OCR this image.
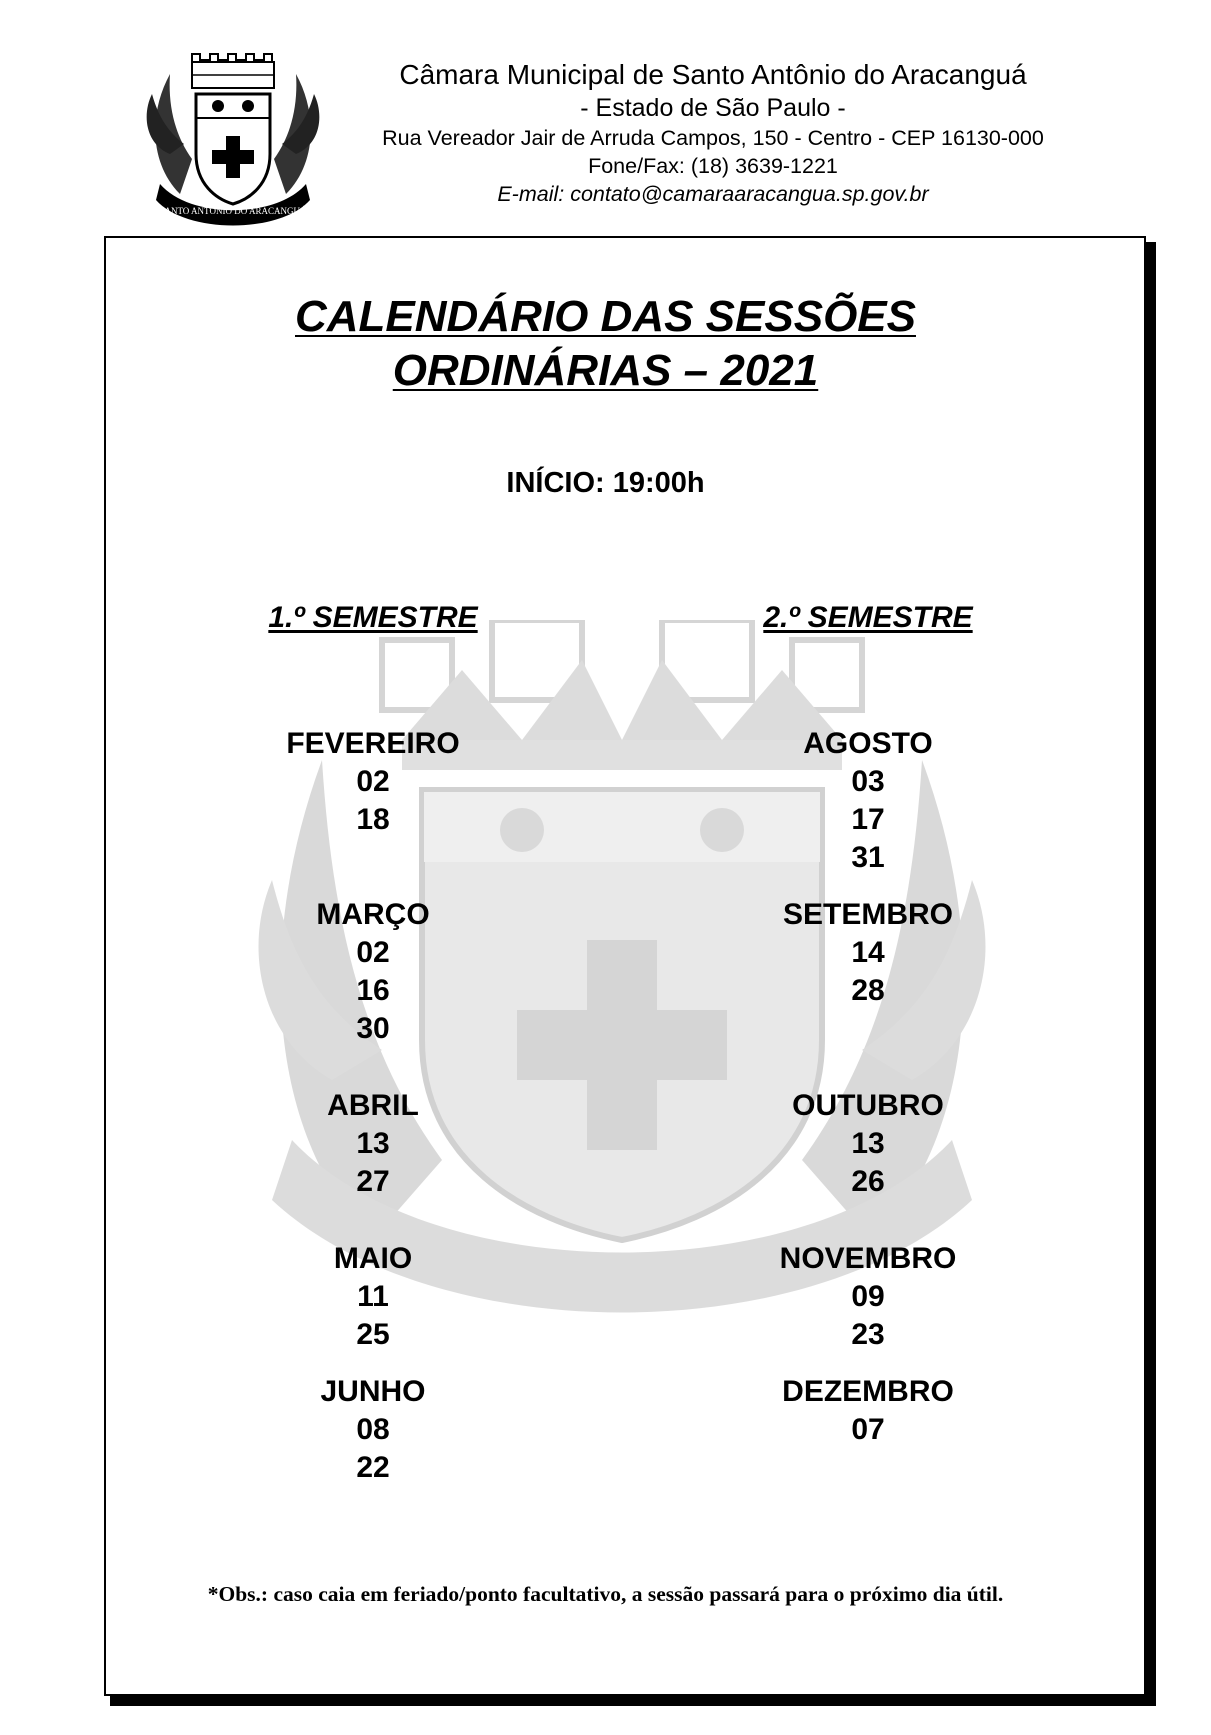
SANTO ANTÔNIO DO ARACANGUÁ
Câmara Municipal de Santo Antônio do Aracanguá
- Estado de São Paulo -
Rua Vereador Jair de Arruda Campos, 150 - Centro - CEP 16130-000
Fone/Fax: (18) 3639-1221
E-mail: contato@camaraaracangua.sp.gov.br
CALENDÁRIO DAS SESSÕES
ORDINÁRIAS – 2021
INÍCIO: 19:00h
1.º SEMESTRE	2.º SEMESTRE
FEVEREIRO
02
18
MARÇO
02
16
30
ABRIL
13
27
MAIO
11
25
JUNHO
08
22
AGOSTO
03
17
31
SETEMBRO
14
28
OUTUBRO
13
26
NOVEMBRO
09
23
DEZEMBRO
07
*Obs.: caso caia em feriado/ponto facultativo, a sessão passará para o próximo dia útil.
